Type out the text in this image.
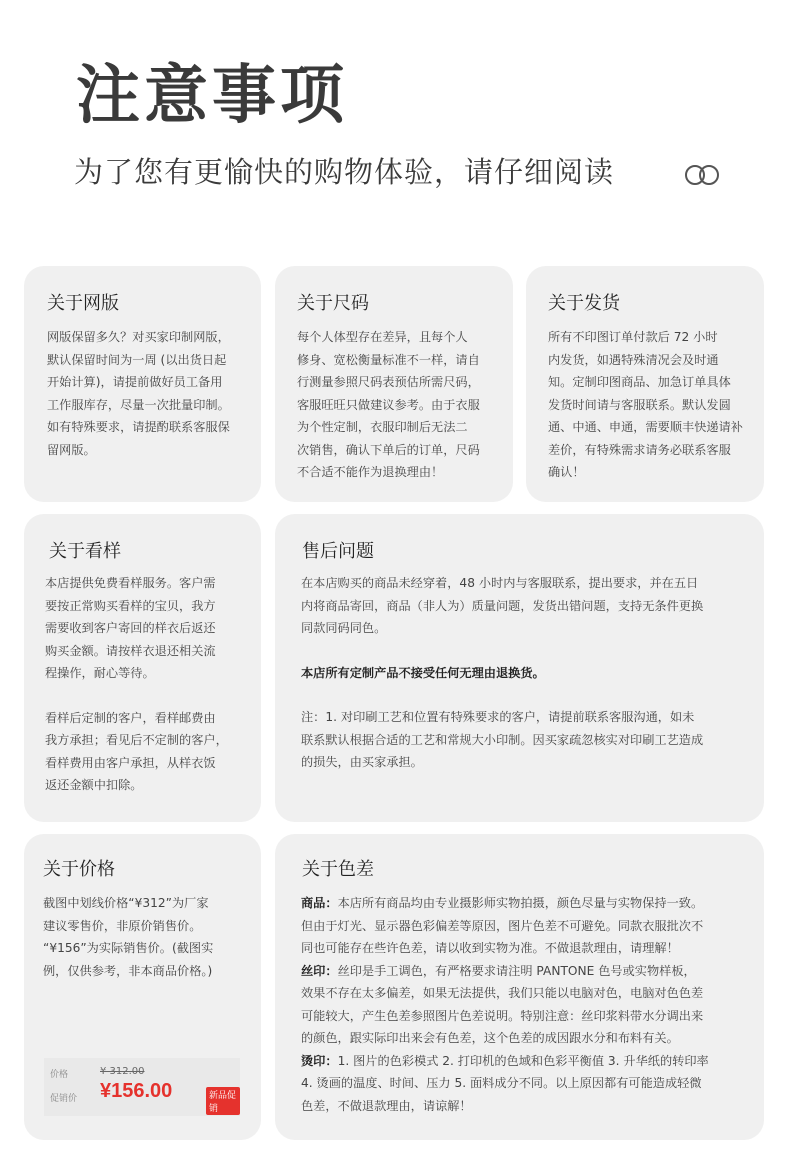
注意事项
为了您有更愉快的购物体验，请仔细阅读
关于网版

网版保留多久？对买家印制网版，

默认保留时间为一周 (以出货日起

开始计算)，请提前做好员工备用

工作服库存，尽量一次批量印制。

如有特殊要求，请提酌联系客服保

留网版。

关于尺码

每个人体型存在差异，且每个人

修身、宽松衡量标准不一样，请自

行测量参照尺码表预估所需尺码，

客服旺旺只做建议参考。由于衣服

为个性定制，衣服印制后无法二

次销售，确认下单后的订单，尺码

不合适不能作为退换理由！

关于发货

所有不印图订单付款后 72 小时

内发货，如遇特殊清况会及时通

知。定制印图商品、加急订单具体

发货时间请与客服联系。默认发圆

通、中通、申通，需要顺丰快递请补

差价，有特殊需求请务必联系客服

确认！

关于看样

本店提供免费看样服务。客户需

要按正常购买看样的宝贝，我方

需要收到客户寄回的样衣后返还

购买金额。请按样衣退还相关流

程操作，耐心等待。

看样后定制的客户，看样邮费由

我方承担；看见后不定制的客户，

看样费用由客户承担，从样衣饭

返还金额中扣除。

售后问题

在本店购买的商品未经穿着，48 小时内与客服联系，提出要求，并在五日

内将商品寄回，商品（非人为）质量问题，发货出错问题，支持无条件更换

同款同码同色。

本店所有定制产品不接受任何无理由退换货。

注：1. 对印刷工艺和位置有特殊要求的客户，请提前联系客服沟通，如未

联系默认根据合适的工艺和常规大小印制。因买家疏忽核实对印刷工艺造成

的损失，由买家承担。

关于价格

截图中划线价格“¥312”为厂家

建议零售价，非原价销售价。

“¥156”为实际销售价。(截图实

例，仅供参考，非本商品价格。)

价格	¥ 312.00
促销价 ¥156.00	新品促销
关于色差

商品：本店所有商品均由专业摄影师实物拍摄，颜色尽量与实物保持一致。

但由于灯光、显示器色彩偏差等原因，图片色差不可避免。同款衣服批次不

同也可能存在些许色差，请以收到实物为准。不做退款理由，请理解！

丝印：丝印是手工调色，有严格要求请注明 PANTONE 色号或实物样板，

效果不存在太多偏差，如果无法提供，我们只能以电脑对色，电脑对色色差

可能较大，产生色差参照图片色差说明。特别注意：丝印浆料带水分调出来

的颜色，跟实际印出来会有色差，这个色差的成因跟水分和布料有关。

烫印：1. 图片的色彩模式 2. 打印机的色域和色彩平衡值 3. 升华纸的转印率

4. 烫画的温度、时间、压力 5. 面料成分不同。以上原因都有可能造成轻微

色差，不做退款理由，请谅解！
